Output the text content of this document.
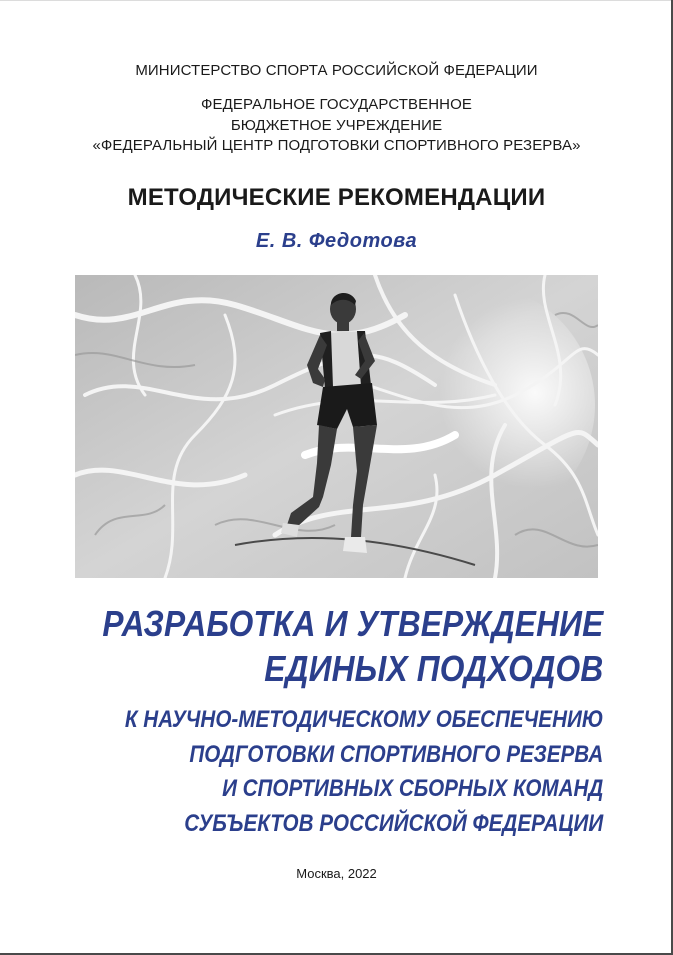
МИНИСТЕРСТВО СПОРТА РОССИЙСКОЙ ФЕДЕРАЦИИ
ФЕДЕРАЛЬНОЕ ГОСУДАРСТВЕННОЕ
БЮДЖЕТНОЕ УЧРЕЖДЕНИЕ
«ФЕДЕРАЛЬНЫЙ ЦЕНТР ПОДГОТОВКИ СПОРТИВНОГО РЕЗЕРВА»
МЕТОДИЧЕСКИЕ РЕКОМЕНДАЦИИ
Е. В. Федотова
РАЗРАБОТКА И УТВЕРЖДЕНИЕ
ЕДИНЫХ ПОДХОДОВ
К НАУЧНО-МЕТОДИЧЕСКОМУ ОБЕСПЕЧЕНИЮ
ПОДГОТОВКИ СПОРТИВНОГО РЕЗЕРВА
И СПОРТИВНЫХ СБОРНЫХ КОМАНД
СУБЪЕКТОВ РОССИЙСКОЙ ФЕДЕРАЦИИ
Москва, 2022
